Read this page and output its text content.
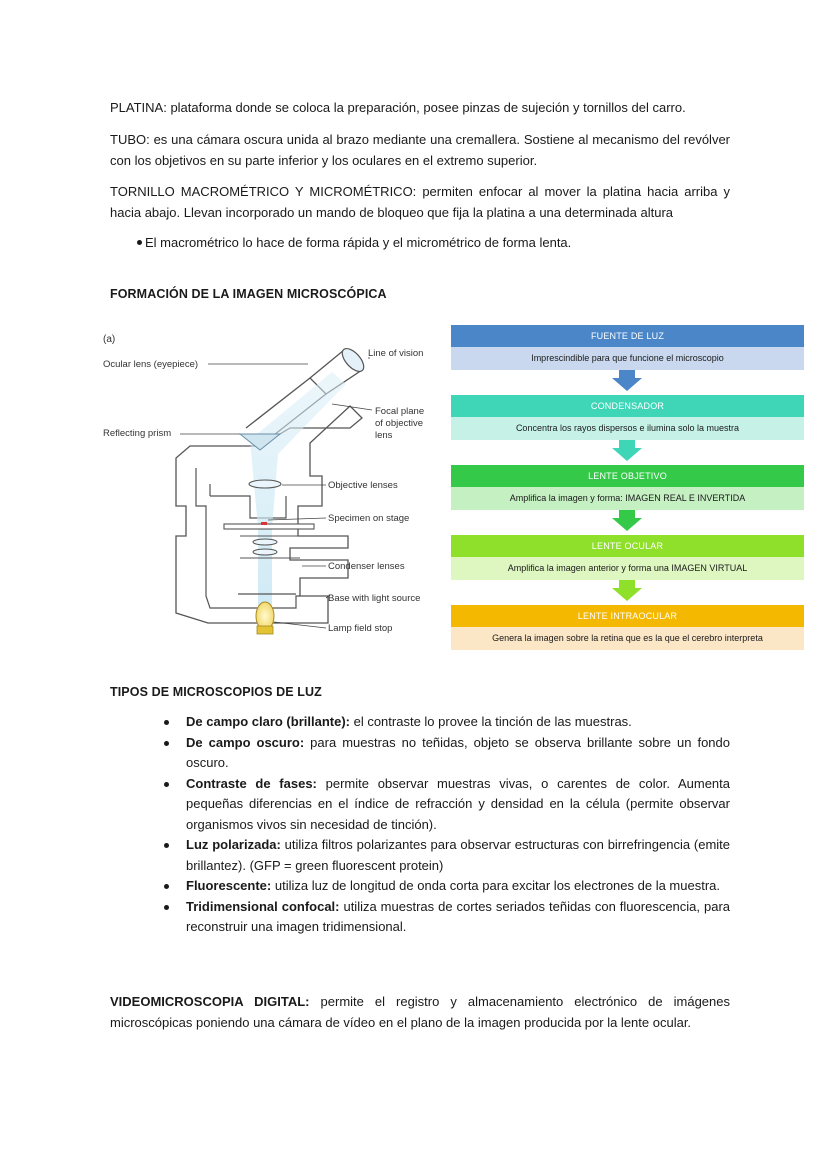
PLATINA: plataforma donde se coloca la preparación, posee pinzas de sujeción y tornillos del carro.

TUBO: es una cámara oscura unida al brazo mediante una cremallera. Sostiene al mecanismo del revólver con los objetivos en su parte inferior y los oculares en el extremo superior.

TORNILLO MACROMÉTRICO Y MICROMÉTRICO: permiten enfocar al mover la platina hacia arriba y hacia abajo. Llevan incorporado un mando de bloqueo que fija la platina a una determinada altura

El macrométrico lo hace de forma rápida y el micrométrico de forma lenta.
FORMACIÓN DE LA IMAGEN MICROSCÓPICA
(a)
Ocular lens (eyepiece)
Line of vision
Reflecting prism
Focal plane
of objective
lens
Objective lenses
Specimen on stage
Condenser lenses
Base with light source
Lamp field stop
FUENTE DE LUZ
Imprescindible para que funcione el microscopio
CONDENSADOR
Concentra los rayos dispersos e ilumina solo la muestra
LENTE OBJETIVO
Amplifica la imagen y forma: IMAGEN REAL E INVERTIDA
LENTE OCULAR
Amplifica la imagen anterior y forma una IMAGEN VIRTUAL
LENTE INTRAOCULAR
Genera la imagen sobre la retina que es la que el cerebro interpreta
TIPOS DE MICROSCOPIOS DE LUZ
De campo claro (brillante): el contraste lo provee la tinción de las muestras.
De campo oscuro: para muestras no teñidas, objeto se observa brillante sobre un fondo oscuro.
Contraste de fases: permite observar muestras vivas, o carentes de color. Aumenta pequeñas diferencias en el índice de refracción y densidad en la célula (permite observar organismos vivos sin necesidad de tinción).
Luz polarizada: utiliza filtros polarizantes para observar estructuras con birrefringencia (emite brillantez). (GFP = green fluorescent protein)
Fluorescente: utiliza luz de longitud de onda corta para excitar los electrones de la muestra.
Tridimensional confocal: utiliza muestras de cortes seriados teñidas con fluorescencia, para reconstruir una imagen tridimensional.

VIDEOMICROSCOPIA DIGITAL: permite el registro y almacenamiento electrónico de imágenes microscópicas poniendo una cámara de vídeo en el plano de la imagen producida por la lente ocular.
